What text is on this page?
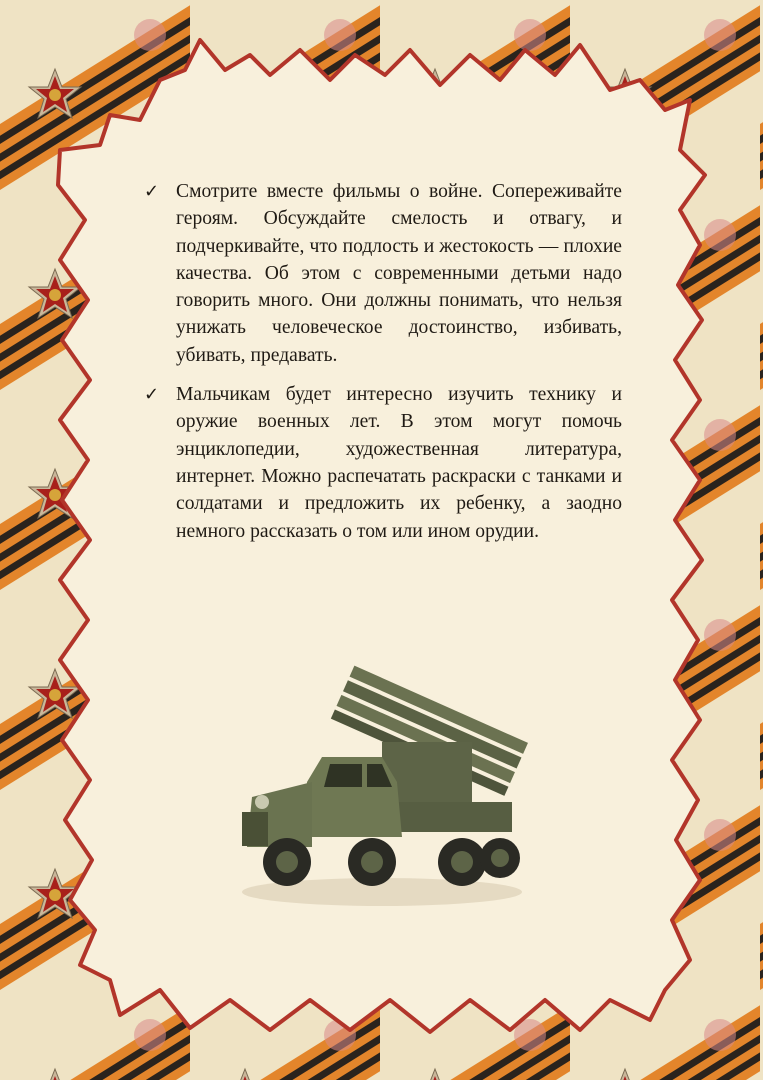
✓ Смотрите вместе фильмы о войне. Сопереживайте героям. Обсуждайте смелость и отвагу, и подчеркивайте, что подлость и жестокость — плохие качества. Об этом с современными детьми надо говорить много. Они должны понимать, что нельзя унижать человеческое достоинство, избивать, убивать, предавать.
✓ Мальчикам будет интересно изучить технику и оружие военных лет. В этом могут помочь энциклопедии, художественная литература, интернет. Можно распечатать раскраски с танками и солдатами и предложить их ребенку, а заодно немного рассказать о том или ином орудии.
